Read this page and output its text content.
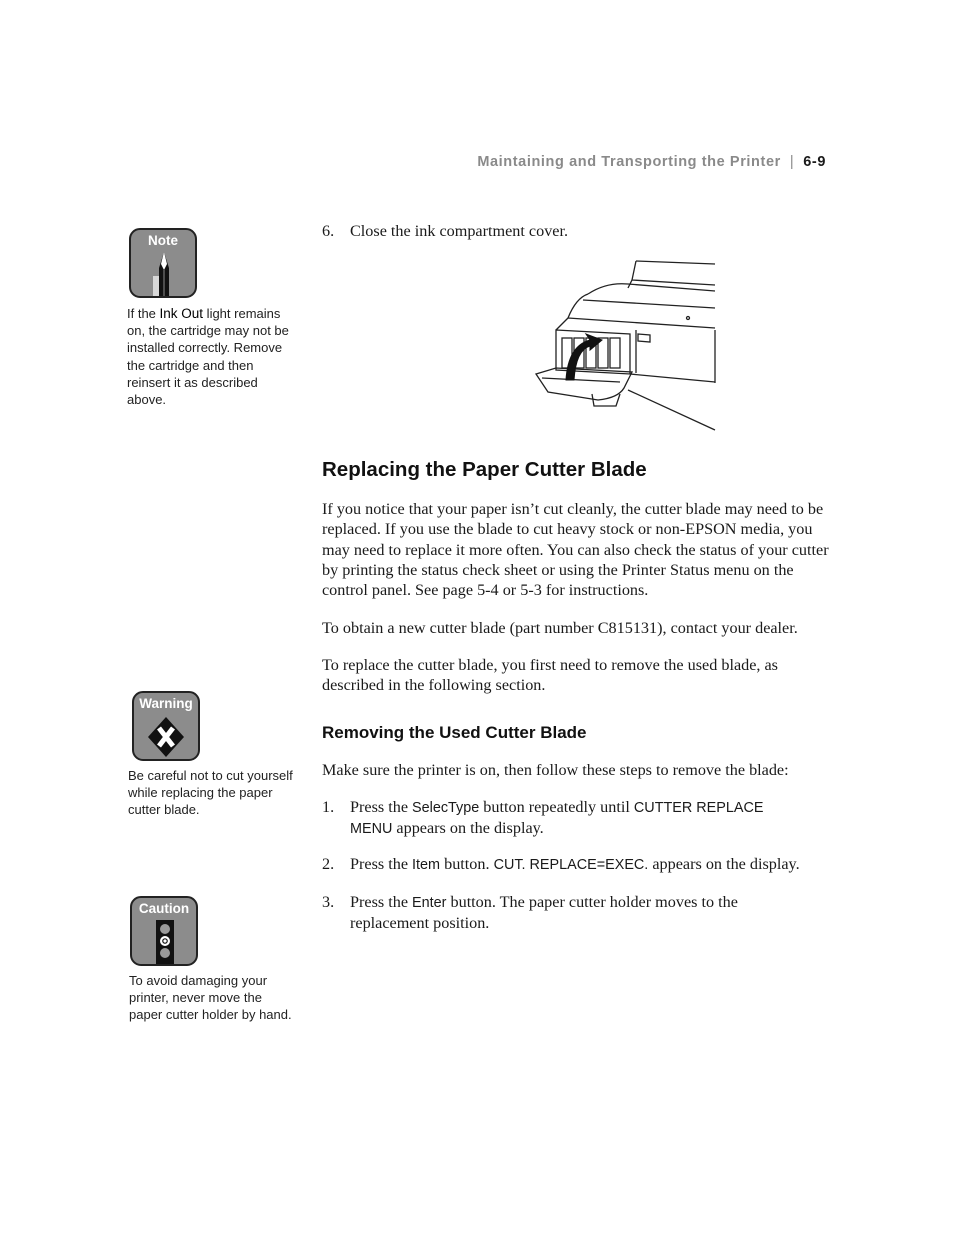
Maintaining and Transporting the Printer | 6-9
Note
If the Ink Out light remains on, the cartridge may not be installed correctly. Remove the cartridge and then reinsert it as described above.
6. Close the ink compartment cover.
Replacing the Paper Cutter Blade

If you notice that your paper isn’t cut cleanly, the cutter blade may need to be replaced. If you use the blade to cut heavy stock or non-EPSON media, you may need to replace it more often. You can also check the status of your cutter by printing the status check sheet or using the Printer Status menu on the control panel. See page 5-4 or 5-3 for instructions.

To obtain a new cutter blade (part number C815131), contact your dealer.

To replace the cutter blade, you first need to remove the used blade, as described in the following section.

Warning
Be careful not to cut yourself while replacing the paper cutter blade.
Removing the Used Cutter Blade

Make sure the printer is on, then follow these steps to remove the blade:

1. Press the SelecType button repeatedly until CUTTER REPLACE MENU appears on the display.
2. Press the Item button. CUT. REPLACE=EXEC. appears on the display.
Caution
To avoid damaging your printer, never move the paper cutter holder by hand.
3. Press the Enter button. The paper cutter holder moves to the replacement position.
